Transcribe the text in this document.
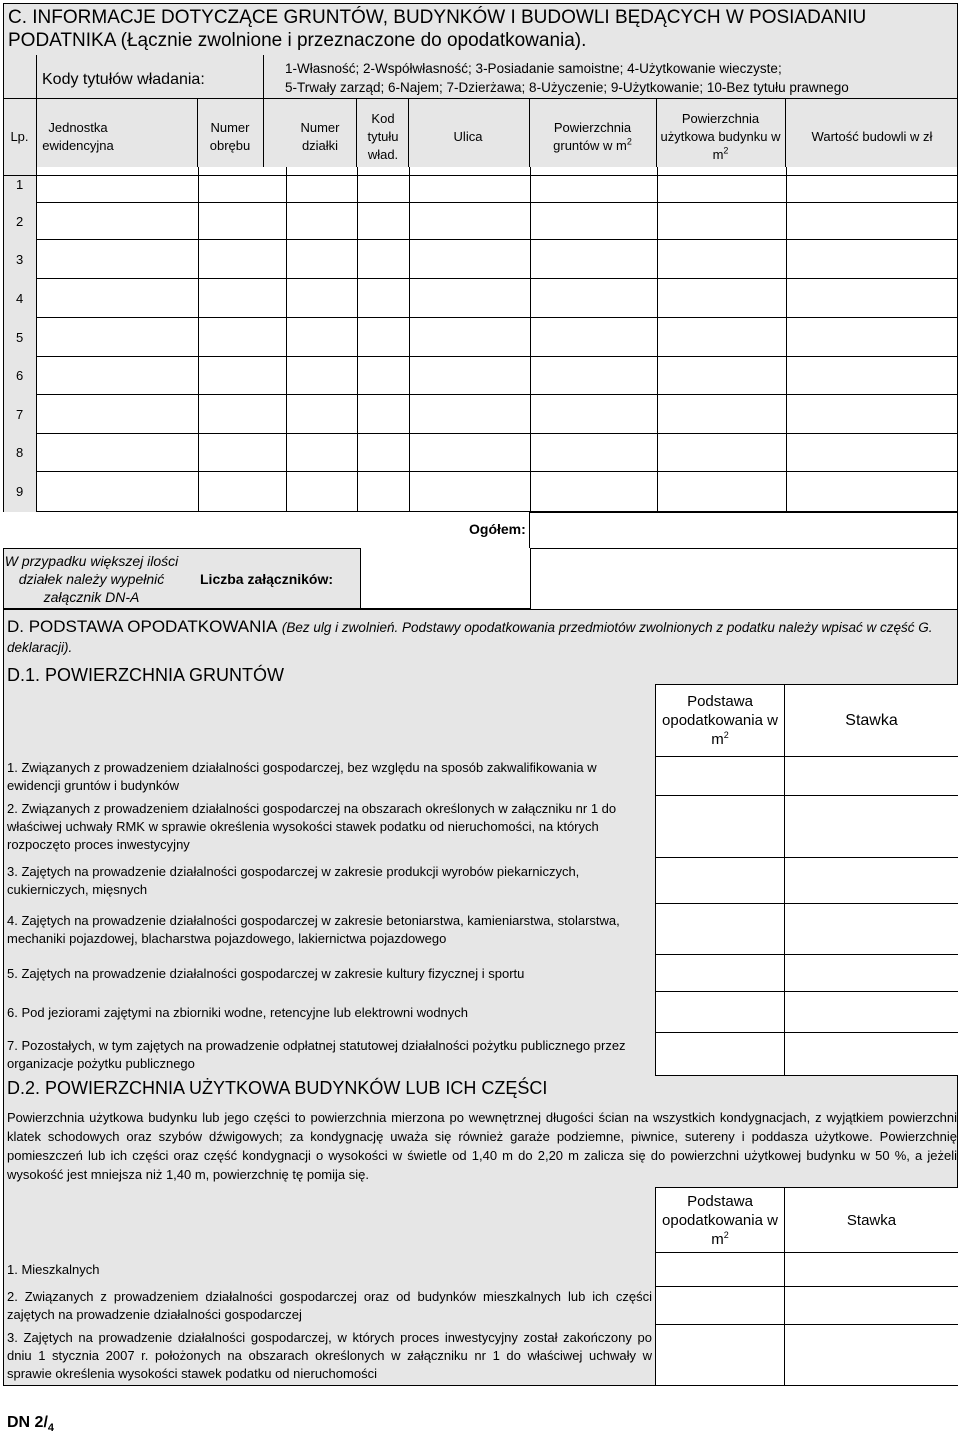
C. INFORMACJE DOTYCZĄCE GRUNTÓW, BUDYNKÓW I BUDOWLI BĘDĄCYCH W POSIADANIU PODATNIKA (Łącznie zwolnione i przeznaczone do opodatkowania).
Kody tytułów władania:
1-Własność; 2-Współwłasność; 3-Posiadanie samoistne; 4-Użytkowanie wieczyste;
5-Trwały zarząd; 6-Najem; 7-Dzierżawa; 8-Użyczenie; 9-Użytkowanie; 10-Bez tytułu prawnego
Lp.
Jednostka ewidencyjna
Numer obrębu
Numer działki
Kod tytułu wład.
Ulica
Powierzchnia gruntów w $m^2$
Powierzchnia użytkowa budynku w $m^2$
Wartość budowli w zł
1
2
3
4
5
6
7
8
9
Ogółem:
W przypadku większej ilości działek należy wypełnić załącznik DN-A
Liczba załączników:
D. PODSTAWA OPODATKOWANIA (Bez ulg i zwolnień. Podstawy opodatkowania przedmiotów zwolnionych z podatku należy wpisać w część G. deklaracji).
D.1. POWIERZCHNIA GRUNTÓW
Podstawa opodatkowania w $m^2$
Stawka
1. Związanych z prowadzeniem działalności gospodarczej, bez względu na sposób zakwalifikowania w ewidencji gruntów i budynków
2. Związanych z prowadzeniem działalności gospodarczej na obszarach określonych w załączniku nr 1 do właściwej uchwały RMK w sprawie określenia wysokości stawek podatku od nieruchomości, na których rozpoczęto proces inwestycyjny
3. Zajętych na prowadzenie działalności gospodarczej w zakresie produkcji wyrobów piekarniczych, cukierniczych, mięsnych
4. Zajętych na prowadzenie działalności gospodarczej w zakresie betoniarstwa, kamieniarstwa, stolarstwa, mechaniki pojazdowej, blacharstwa pojazdowego, lakiernictwa pojazdowego
5. Zajętych na prowadzenie działalności gospodarczej w zakresie kultury fizycznej i sportu
6. Pod jeziorami zajętymi na zbiorniki wodne, retencyjne lub elektrowni wodnych
7. Pozostałych, w tym zajętych na prowadzenie odpłatnej statutowej działalności pożytku publicznego przez organizacje pożytku publicznego
D.2. POWIERZCHNIA UŻYTKOWA BUDYNKÓW LUB ICH CZĘŚCI
Powierzchnia użytkowa budynku lub jego części to powierzchnia mierzona po wewnętrznej długości ścian na wszystkich kondygnacjach, z wyjątkiem powierzchni klatek schodowych oraz szybów dźwigowych; za kondygnację uważa się również garaże podziemne, piwnice, sutereny i poddasza użytkowe. Powierzchnię pomieszczeń lub ich części oraz część kondygnacji o wysokości w świetle od 1,40 m do 2,20 m zalicza się do powierzchni użytkowej budynku w 50 %, a jeżeli wysokość jest mniejsza niż 1,40 m, powierzchnię tę pomija się.
Podstawa opodatkowania w $m^2$
Stawka
1. Mieszkalnych
2. Związanych z prowadzeniem działalności gospodarczej oraz od budynków mieszkalnych lub ich części zajętych na prowadzenie działalności gospodarczej
3. Zajętych na prowadzenie działalności gospodarczej, w których proces inwestycyjny został zakończony po dniu 1 stycznia 2007 r. położonych na obszarach określonych w załączniku nr 1 do właściwej uchwały w sprawie określenia wysokości stawek podatku od nieruchomości
DN $2/_4$
